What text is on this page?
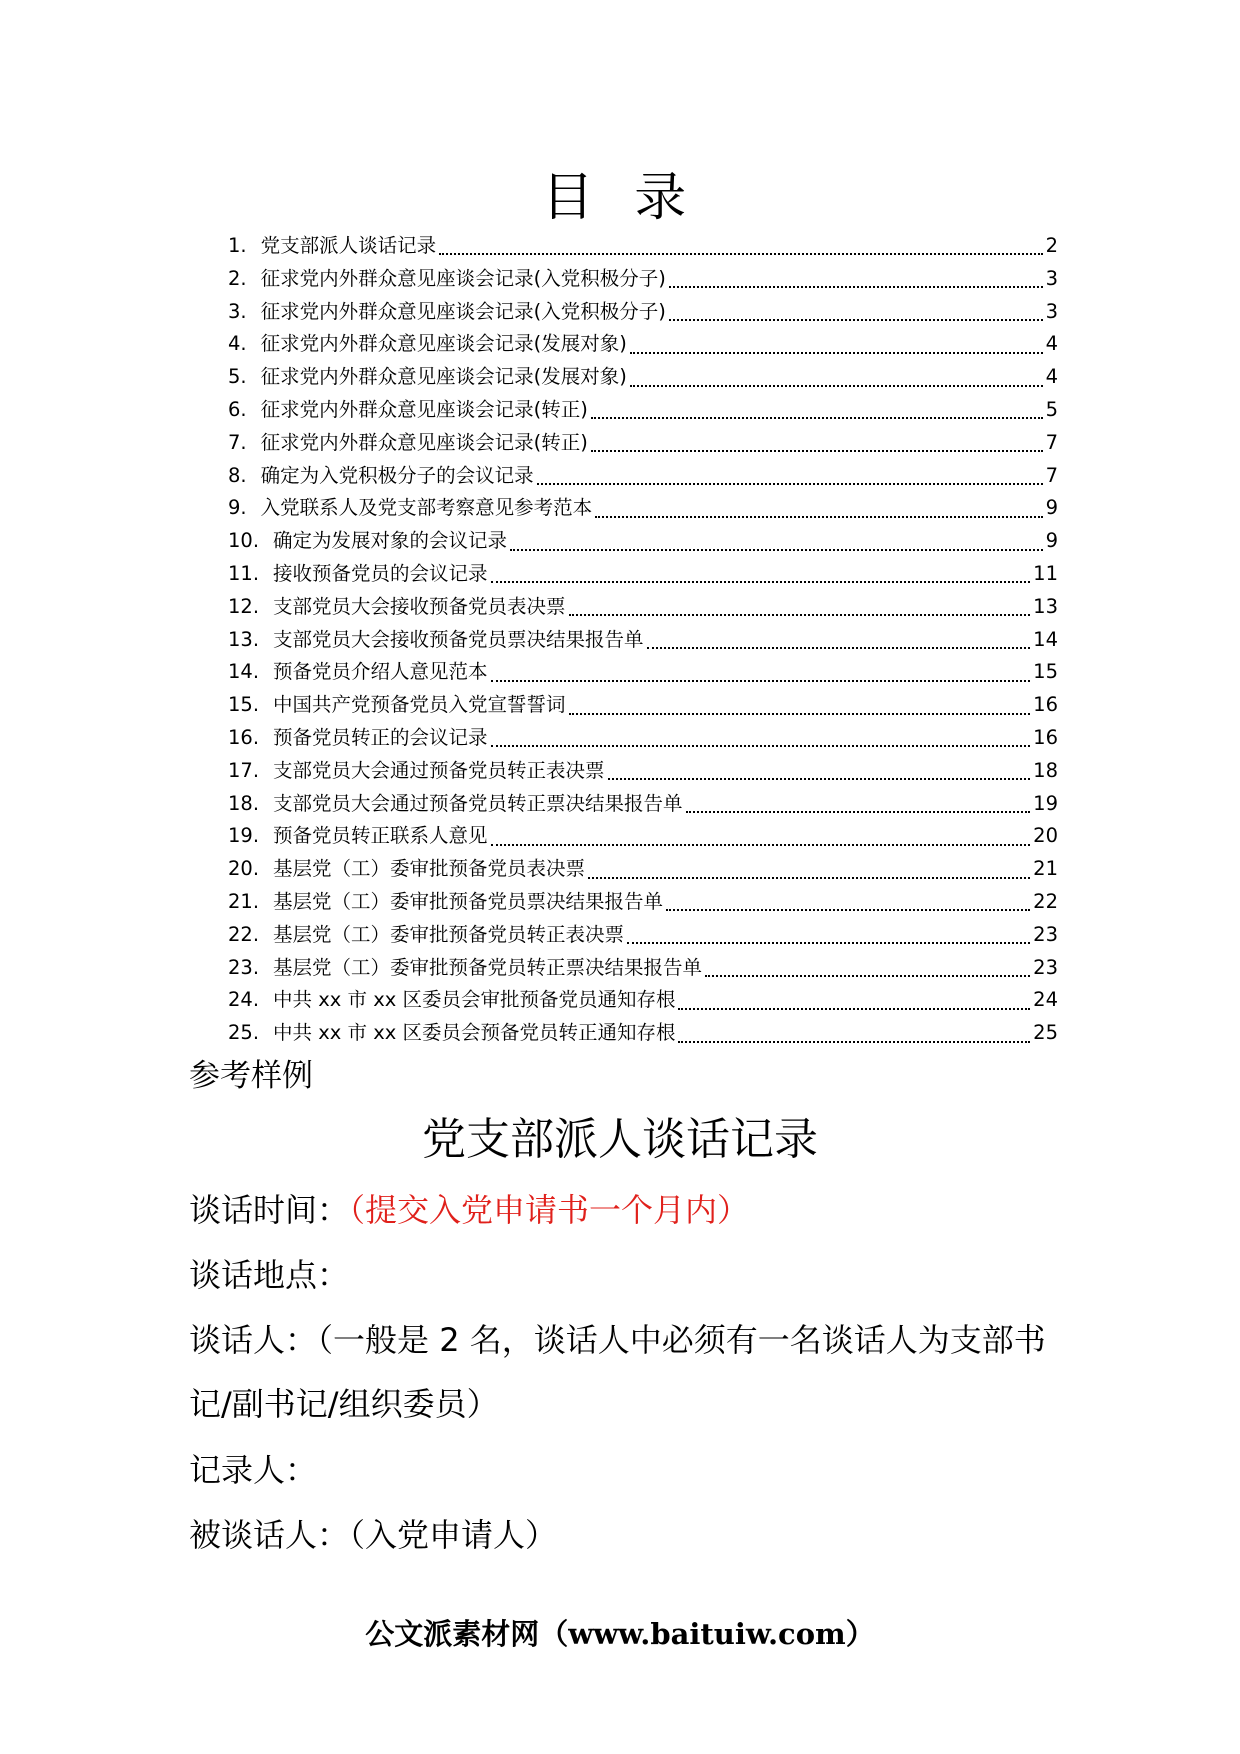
目 录
1. 党支部派人谈话记录	2
2. 征求党内外群众意见座谈会记录(入党积极分子)	3
3. 征求党内外群众意见座谈会记录(入党积极分子)	3
4. 征求党内外群众意见座谈会记录(发展对象)	4
5. 征求党内外群众意见座谈会记录(发展对象)	4
6. 征求党内外群众意见座谈会记录(转正)	5
7. 征求党内外群众意见座谈会记录(转正)	7
8. 确定为入党积极分子的会议记录	7
9. 入党联系人及党支部考察意见参考范本	9
10. 确定为发展对象的会议记录	9
11. 接收预备党员的会议记录	11
12. 支部党员大会接收预备党员表决票	13
13. 支部党员大会接收预备党员票决结果报告单	14
14. 预备党员介绍人意见范本	15
15. 中国共产党预备党员入党宣誓誓词	16
16. 预备党员转正的会议记录	16
17. 支部党员大会通过预备党员转正表决票	18
18. 支部党员大会通过预备党员转正票决结果报告单	19
19. 预备党员转正联系人意见	20
20. 基层党（工）委审批预备党员表决票	21
21. 基层党（工）委审批预备党员票决结果报告单	22
22. 基层党（工）委审批预备党员转正表决票	23
23. 基层党（工）委审批预备党员转正票决结果报告单	23
24. 中共 xx 市 xx 区委员会审批预备党员通知存根	24
25. 中共 xx 市 xx 区委员会预备党员转正通知存根	25
参考样例
党支部派人谈话记录
谈话时间：（提交入党申请书一个月内）
谈话地点：
谈话人：（一般是 2 名，谈话人中必须有一名谈话人为支部书记/副书记/组织委员）
记录人：
被谈话人：（入党申请人）
公文派素材网（www.baituiw.com）
